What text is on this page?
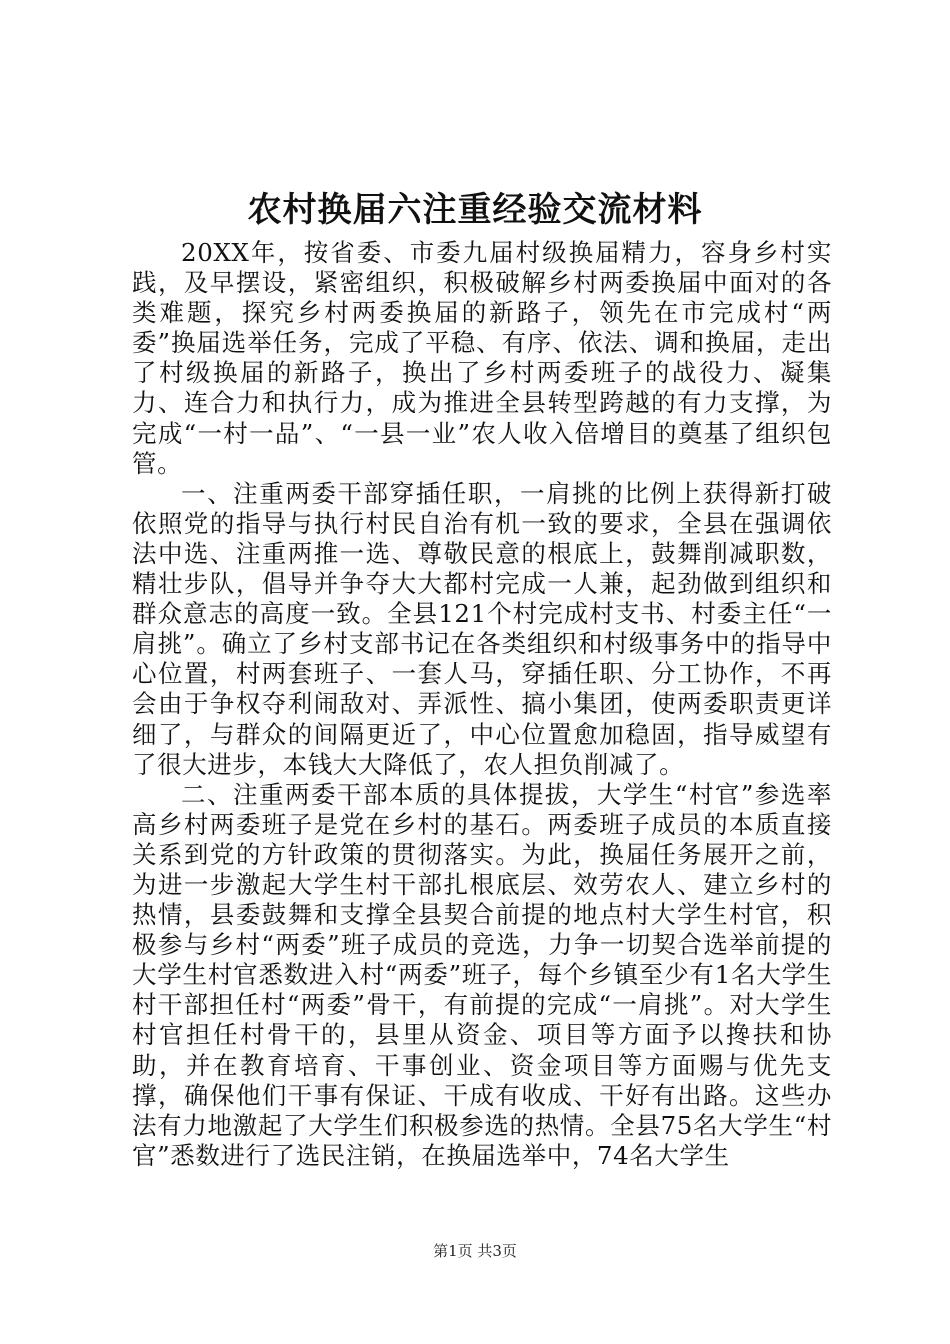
农村换届六注重经验交流材料

20XX年，按省委、市委九届村级换届精力，容身乡村实践，及早摆设，紧密组织，积极破解乡村两委换届中面对的各类难题，探究乡村两委换届的新路子，领先在市完成村“两委”换届选举任务，完成了平稳、有序、依法、调和换届，走出了村级换届的新路子，换出了乡村两委班子的战役力、凝集力、连合力和执行力，成为推进全县转型跨越的有力支撑，为完成“一村一品”、“一县一业”农人收入倍增目的奠基了组织包管。

一、注重两委干部穿插任职，一肩挑的比例上获得新打破依照党的指导与执行村民自治有机一致的要求，全县在强调依法中选、注重两推一选、尊敬民意的根底上，鼓舞削减职数，精壮步队，倡导并争夺大大都村完成一人兼，起劲做到组织和群众意志的高度一致。全县121个村完成村支书、村委主任“一肩挑”。确立了乡村支部书记在各类组织和村级事务中的指导中心位置，村两套班子、一套人马，穿插任职、分工协作，不再会由于争权夺利闹敌对、弄派性、搞小集团，使两委职责更详细了，与群众的间隔更近了，中心位置愈加稳固，指导威望有了很大进步，本钱大大降低了，农人担负削减了。

二、注重两委干部本质的具体提拔，大学生“村官”参选率高乡村两委班子是党在乡村的基石。两委班子成员的本质直接关系到党的方针政策的贯彻落实。为此，换届任务展开之前，为进一步激起大学生村干部扎根底层、效劳农人、建立乡村的热情，县委鼓舞和支撑全县契合前提的地点村大学生村官，积极参与乡村“两委”班子成员的竞选，力争一切契合选举前提的大学生村官悉数进入村“两委”班子，每个乡镇至少有1名大学生村干部担任村“两委”骨干，有前提的完成“一肩挑”。对大学生村官担任村骨干的，县里从资金、项目等方面予以搀扶和协助，并在教育培育、干事创业、资金项目等方面赐与优先支撑，确保他们干事有保证、干成有收成、干好有出路。这些办法有力地激起了大学生们积极参选的热情。全县75名大学生“村官”悉数进行了选民注销，在换届选举中，74名大学生

第1页 共3页
